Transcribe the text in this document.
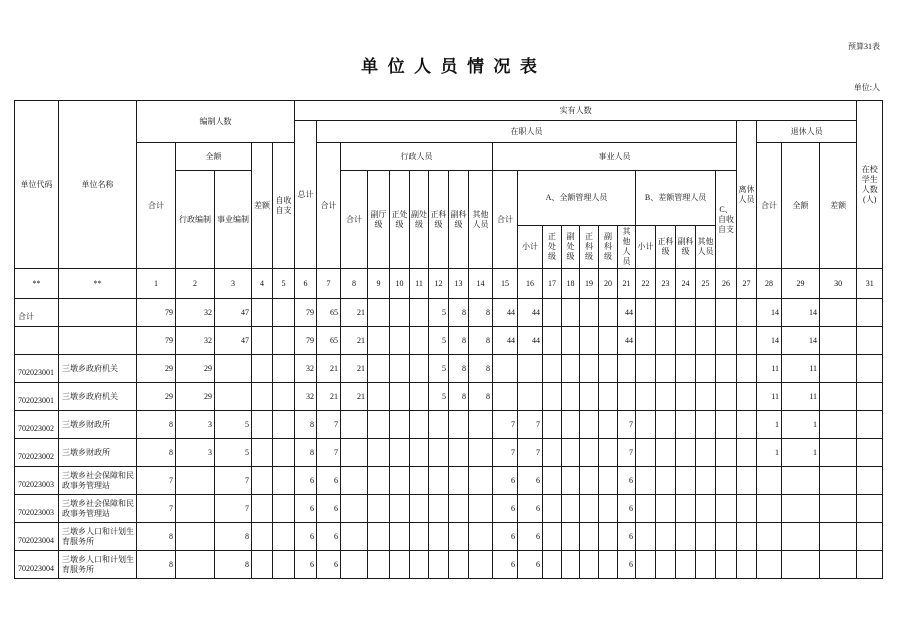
预算31表
单 位 人 员 情 况 表
单位:人
单位代码	单位名称	编制人数					实有人数																									在校学生人数(人)
							总计	在职人员																				离休人员	退休人员			
		合计	全额		差额	自收自支		合计	行政人员							事业人员													合计	全额	差额	
			行政编制	事业编制					合计	副厅级	正处级	副处级	正科级	副科级	其他人员	合计	A、全额管理人员						B、差额管理人员				C、自收自支					
																	小计	正处级	副处级	正科级	副科级	其他人员	小计	正科级	副科级	其他人员						
**	**	1	2	3	4	5	6	7	8	9	10	11	12	13	14	15	16	17	18	19	20	21	22	23	24	25	26	27	28	29	30	31
合计		79	32	47			79	65	21				5	8	8	44	44					44							14	14		
		79	32	47			79	65	21				5	8	8	44	44					44							14	14		
702023001	三墩乡政府机关	29	29				32	21	21				5	8	8														11	11		
702023001	三墩乡政府机关	29	29				32	21	21				5	8	8														11	11		
702023002	三墩乡财政所	8	3	5			8	7								7	7					7							1	1		
702023002	三墩乡财政所	8	3	5			8	7								7	7					7							1	1		
702023003	三墩乡社会保障和民政事务管理站	7		7			6	6								6	6					6										
702023003	三墩乡社会保障和民政事务管理站	7		7			6	6								6	6					6										
702023004	三墩乡人口和计划生育服务所	8		8			6	6								6	6					6										
702023004	三墩乡人口和计划生育服务所	8		8			6	6								6	6					6										
